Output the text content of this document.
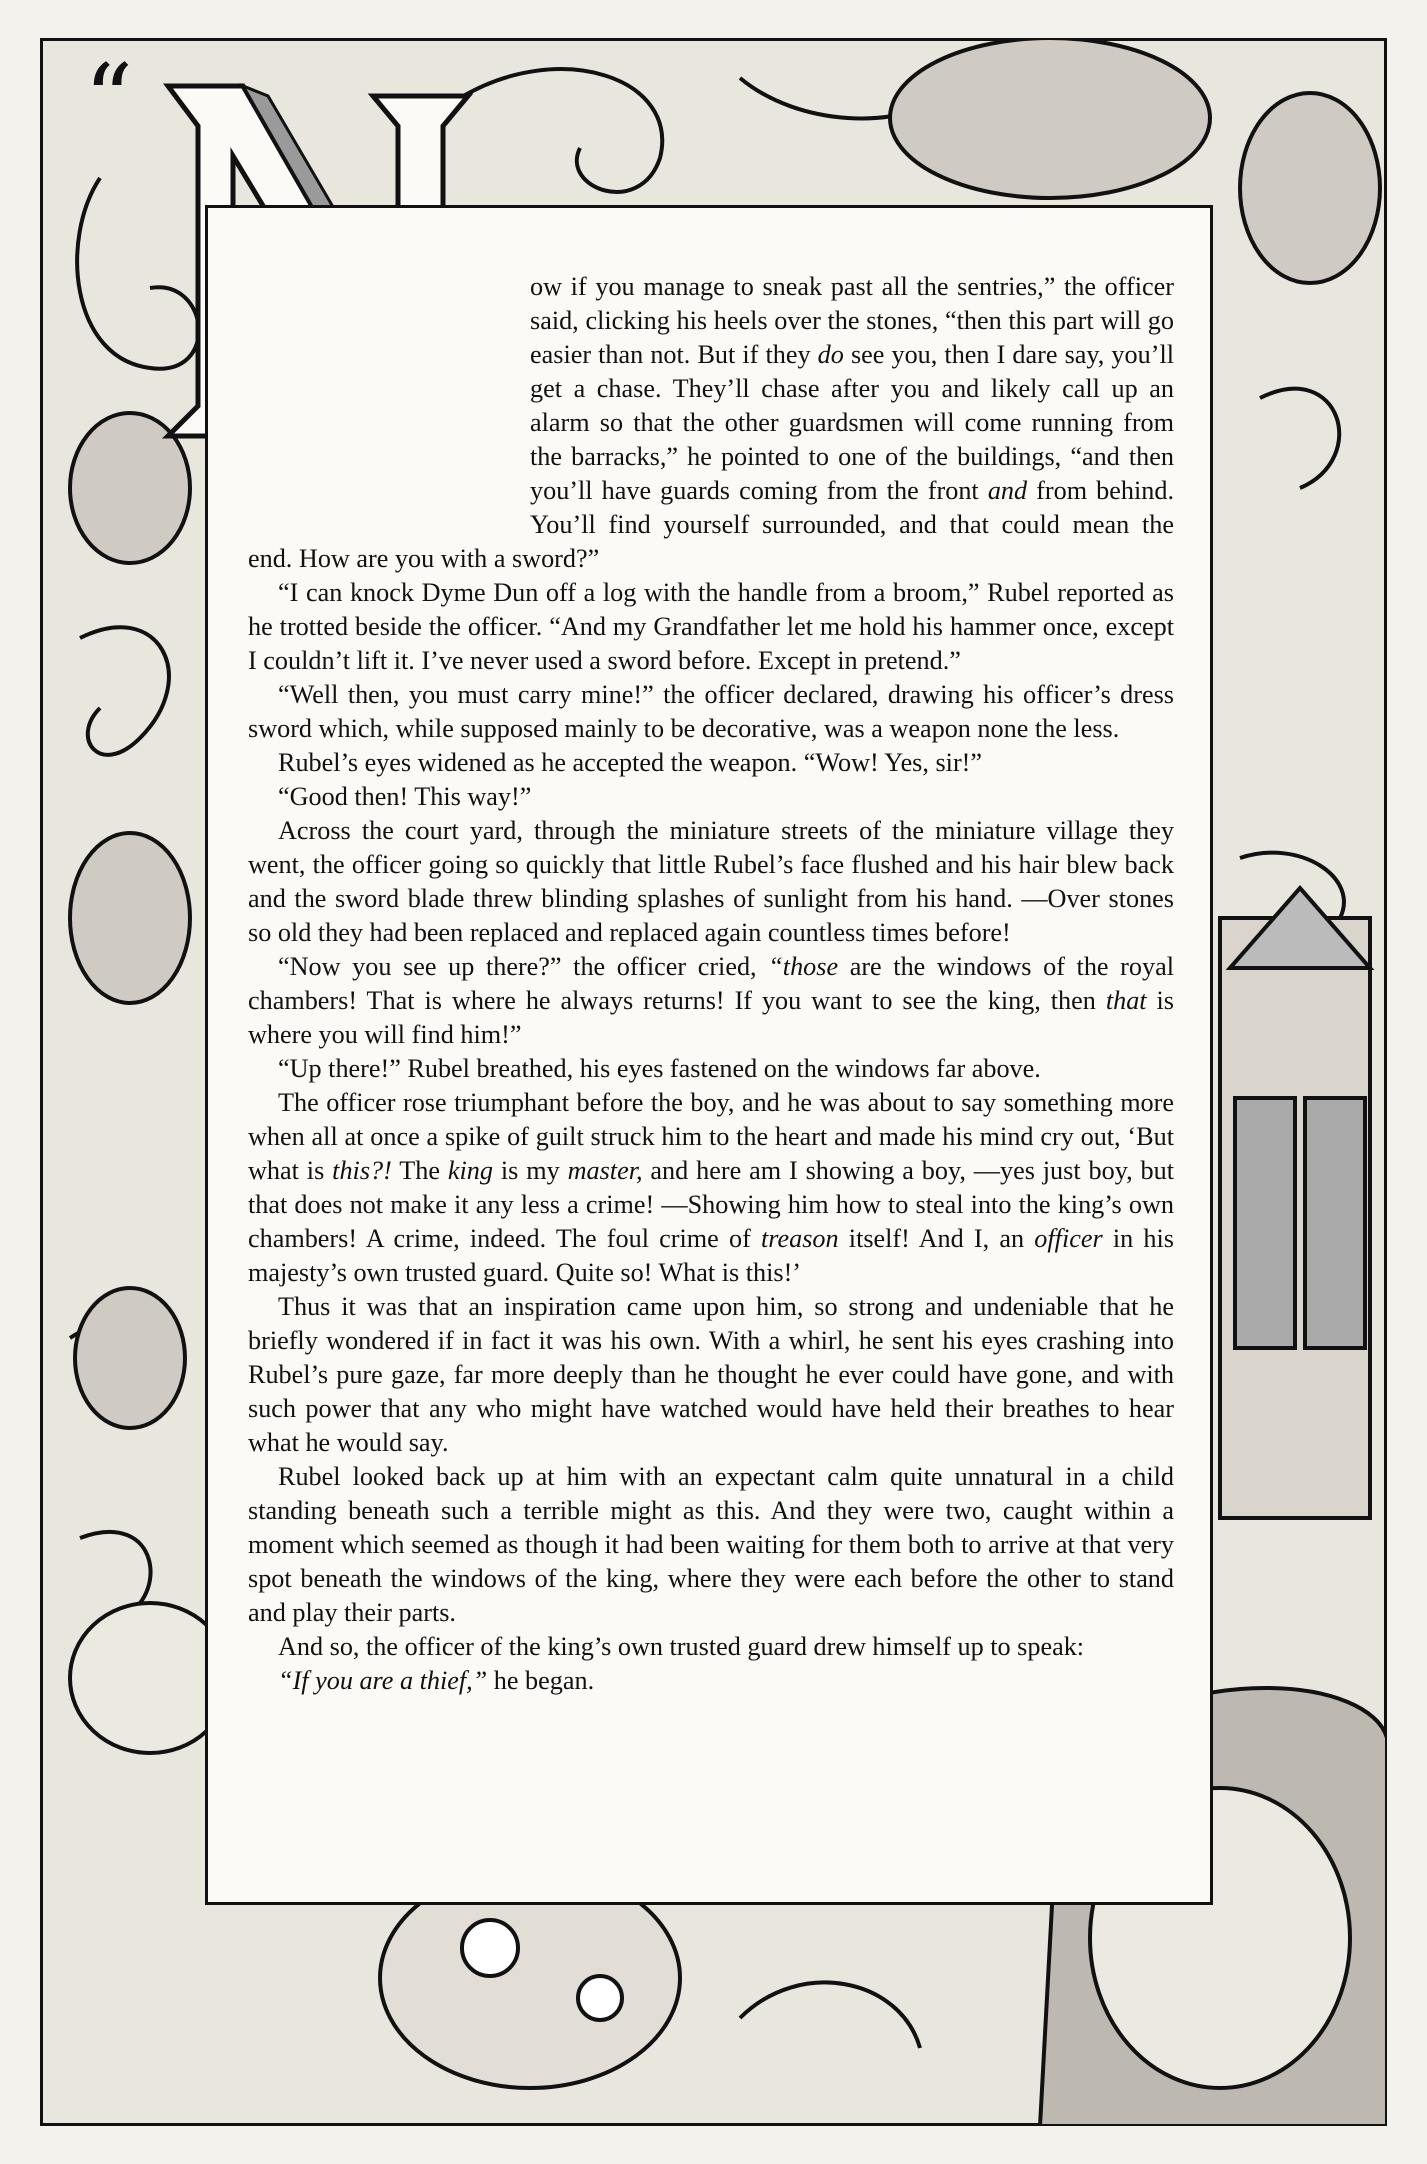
“

ow if you manage to sneak past all the sentries,” the officer said, clicking his heels over the stones, “then this part will go easier than not. But if they do see you, then I dare say, you’ll get a chase. They’ll chase after you and likely call up an alarm so that the other guardsmen will come running from the barracks,” he pointed to one of the buildings, “and then you’ll have guards coming from the front and from behind. You’ll find yourself surrounded, and that could mean the end. How are you with a sword?”

“I can knock Dyme Dun off a log with the handle from a broom,” Rubel reported as he trotted beside the officer. “And my Grandfather let me hold his hammer once, except I couldn’t lift it. I’ve never used a sword before. Except in pretend.”

“Well then, you must carry mine!” the officer declared, drawing his officer’s dress sword which, while supposed mainly to be decorative, was a weapon none the less.

Rubel’s eyes widened as he accepted the weapon. “Wow! Yes, sir!”

“Good then! This way!”

Across the court yard, through the miniature streets of the miniature village they went, the officer going so quickly that little Rubel’s face flushed and his hair blew back and the sword blade threw blinding splashes of sunlight from his hand. —Over stones so old they had been replaced and replaced again countless times before!

“Now you see up there?” the officer cried, “those are the windows of the royal chambers! That is where he always returns! If you want to see the king, then that is where you will find him!”

“Up there!” Rubel breathed, his eyes fastened on the windows far above.

The officer rose triumphant before the boy, and he was about to say something more when all at once a spike of guilt struck him to the heart and made his mind cry out, ‘But what is this?! The king is my master, and here am I showing a boy, —yes just boy, but that does not make it any less a crime! —Showing him how to steal into the king’s own chambers! A crime, indeed. The foul crime of treason itself! And I, an officer in his majesty’s own trusted guard. Quite so! What is this!’

Thus it was that an inspiration came upon him, so strong and undeniable that he briefly wondered if in fact it was his own. With a whirl, he sent his eyes crashing into Rubel’s pure gaze, far more deeply than he thought he ever could have gone, and with such power that any who might have watched would have held their breathes to hear what he would say.

Rubel looked back up at him with an expectant calm quite unnatural in a child standing beneath such a terrible might as this. And they were two, caught within a moment which seemed as though it had been waiting for them both to arrive at that very spot beneath the windows of the king, where they were each before the other to stand and play their parts.

And so, the officer of the king’s own trusted guard drew himself up to speak:

“If you are a thief,” he began.
